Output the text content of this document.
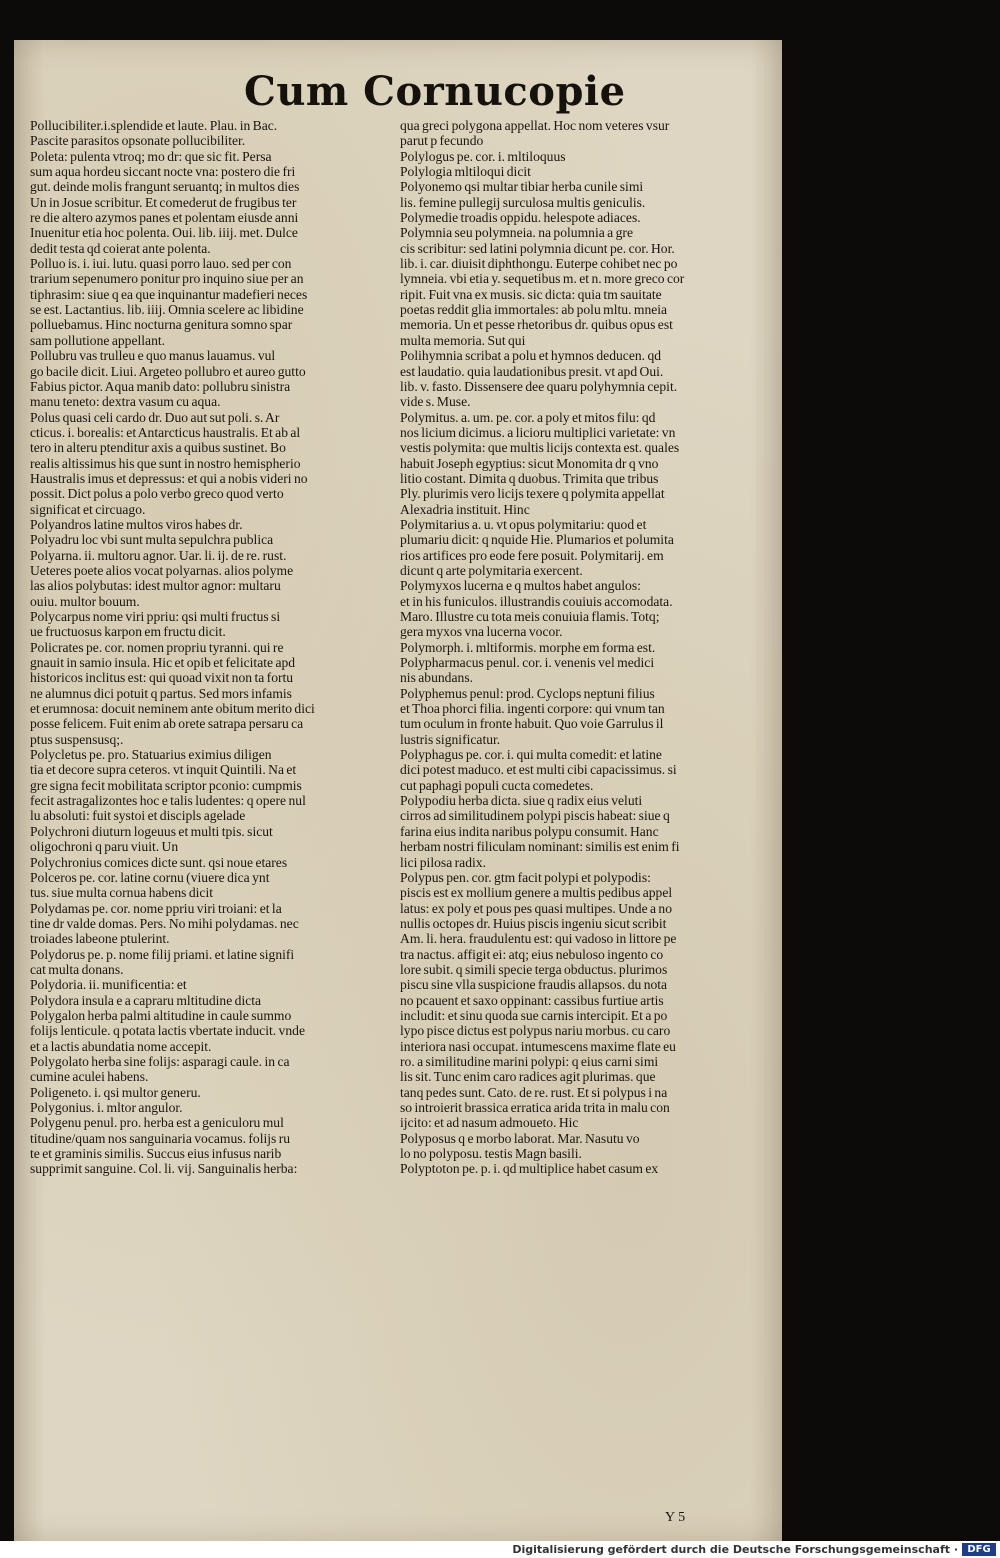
Cum Cornucopie

Pollucibiliter.i.splendide et laute. Plau. in Bac.

Pascite parasitos opsonate pollucibiliter.

Poleta: pulenta vtroq; mo dr: que sic fit. Persa

sum aqua hordeu siccant nocte vna: postero die fri

gut. deinde molis frangunt seruantq; in multos dies

Un in Josue scribitur. Et comederut de frugibus ter

re die altero azymos panes et polentam eiusde anni

Inuenitur etia hoc polenta. Oui. lib. iiij. met. Dulce

dedit testa qd coierat ante polenta.

Polluo is. i. iui. lutu. quasi porro lauo. sed per con

trarium sepenumero ponitur pro inquino siue per an

tiphrasim: siue q ea que inquinantur madefieri neces

se est. Lactantius. lib. iiij. Omnia scelere ac libidine

polluebamus. Hinc nocturna genitura somno spar

sam pollutione appellant.

Pollubru vas trulleu e quo manus lauamus. vul

go bacile dicit. Liui. Argeteo pollubro et aureo gutto

Fabius pictor. Aqua manib dato: pollubru sinistra

manu teneto: dextra vasum cu aqua.

Polus quasi celi cardo dr. Duo aut sut poli. s. Ar

cticus. i. borealis: et Antarcticus haustralis. Et ab al

tero in alteru ptenditur axis a quibus sustinet. Bo

realis altissimus his que sunt in nostro hemispherio

Haustralis imus et depressus: et qui a nobis videri no

possit. Dict polus a polo verbo greco quod verto

significat et circuago.

Polyandros latine multos viros habes dr.

Polyadru loc vbi sunt multa sepulchra publica

Polyarna. ii. multoru agnor. Uar. li. ij. de re. rust.

Ueteres poete alios vocat polyarnas. alios polyme

las alios polybutas: idest multor agnor: multaru

ouiu. multor bouum.

Polycarpus nome viri ppriu: qsi multi fructus si

ue fructuosus karpon em fructu dicit.

Policrates pe. cor. nomen propriu tyranni. qui re

gnauit in samio insula. Hic et opib et felicitate apd

historicos inclitus est: qui quoad vixit non ta fortu

ne alumnus dici potuit q partus. Sed mors infamis

et erumnosa: docuit neminem ante obitum merito dici

posse felicem. Fuit enim ab orete satrapa persaru ca

ptus suspensusq;.

Polycletus pe. pro. Statuarius eximius diligen

tia et decore supra ceteros. vt inquit Quintili. Na et

gre signa fecit mobilitata scriptor pconio: cumpmis

fecit astragalizontes hoc e talis ludentes: q opere nul

lu absoluti: fuit systoi et discipls agelade

Polychroni diuturn logeuus et multi tpis. sicut

oligochroni q paru viuit. Un

Polychronius comices dicte sunt. qsi noue etares

Polceros pe. cor. latine cornu (viuere dica ynt

tus. siue multa cornua habens dicit

Polydamas pe. cor. nome ppriu viri troiani: et la

tine dr valde domas. Pers. No mihi polydamas. nec

troiades labeone ptulerint.

Polydorus pe. p. nome filij priami. et latine signifi

cat multa donans.

Polydoria. ii. munificentia: et

Polydora insula e a capraru mltitudine dicta

Polygalon herba palmi altitudine in caule summo

folijs lenticule. q potata lactis vbertate inducit. vnde

et a lactis abundatia nome accepit.

Polygolato herba sine folijs: asparagi caule. in ca

cumine aculei habens.

Poligeneto. i. qsi multor generu.

Polygonius. i. mltor angulor.

Polygenu penul. pro. herba est a geniculoru mul

titudine/quam nos sanguinaria vocamus. folijs ru

te et graminis similis. Succus eius infusus narib

supprimit sanguine. Col. li. vij. Sanguinalis herba:

qua greci polygona appellat. Hoc nom veteres vsur

parut p fecundo

Polylogus pe. cor. i. mltiloquus

Polylogia mltiloqui dicit

Polyonemo qsi multar tibiar herba cunile simi

lis. femine pullegij surculosa multis geniculis.

Polymedie troadis oppidu. helespote adiaces.

Polymnia seu polymneia. na polumnia a gre

cis scribitur: sed latini polymnia dicunt pe. cor. Hor.

lib. i. car. diuisit diphthongu. Euterpe cohibet nec po

lymneia. vbi etia y. sequetibus m. et n. more greco cor

ripit. Fuit vna ex musis. sic dicta: quia tm sauitate

poetas reddit glia immortales: ab polu mltu. mneia

memoria. Un et pesse rhetoribus dr. quibus opus est

multa memoria. Sut qui

Polihymnia scribat a polu et hymnos deducen. qd

est laudatio. quia laudationibus presit. vt apd Oui.

lib. v. fasto. Dissensere dee quaru polyhymnia cepit.

vide s. Muse.

Polymitus. a. um. pe. cor. a poly et mitos filu: qd

nos licium dicimus. a licioru multiplici varietate: vn

vestis polymita: que multis licijs contexta est. quales

habuit Joseph egyptius: sicut Monomita dr q vno

litio costant. Dimita q duobus. Trimita que tribus

Ply. plurimis vero licijs texere q polymita appellat

Alexadria instituit. Hinc

Polymitarius a. u. vt opus polymitariu: quod et

plumariu dicit: q nquide Hie. Plumarios et polumita

rios artifices pro eode fere posuit. Polymitarij. em

dicunt q arte polymitaria exercent.

Polymyxos lucerna e q multos habet angulos:

et in his funiculos. illustrandis couiuis accomodata.

Maro. Illustre cu tota meis conuiuia flamis. Totq;

gera myxos vna lucerna vocor.

Polymorph. i. mltiformis. morphe em forma est.

Polypharmacus penul. cor. i. venenis vel medici

nis abundans.

Polyphemus penul: prod. Cyclops neptuni filius

et Thoa phorci filia. ingenti corpore: qui vnum tan

tum oculum in fronte habuit. Quo voie Garrulus il

lustris significatur.

Polyphagus pe. cor. i. qui multa comedit: et latine

dici potest maduco. et est multi cibi capacissimus. si

cut paphagi populi cucta comedetes.

Polypodiu herba dicta. siue q radix eius veluti

cirros ad similitudinem polypi piscis habeat: siue q

farina eius indita naribus polypu consumit. Hanc

herbam nostri filiculam nominant: similis est enim fi

lici pilosa radix.

Polypus pen. cor. gtm facit polypi et polypodis:

piscis est ex mollium genere a multis pedibus appel

latus: ex poly et pous pes quasi multipes. Unde a no

nullis octopes dr. Huius piscis ingeniu sicut scribit

Am. li. hera. fraudulentu est: qui vadoso in littore pe

tra nactus. affigit ei: atq; eius nebuloso ingento co

lore subit. q simili specie terga obductus. plurimos

piscu sine vlla suspicione fraudis allapsos. du nota

no pcauent et saxo oppinant: cassibus furtiue artis

includit: et sinu quoda sue carnis intercipit. Et a po

lypo pisce dictus est polypus nariu morbus. cu caro

interiora nasi occupat. intumescens maxime flate eu

ro. a similitudine marini polypi: q eius carni simi

lis sit. Tunc enim caro radices agit plurimas. que

tanq pedes sunt. Cato. de re. rust. Et si polypus i na

so introierit brassica erratica arida trita in malu con

ijcito: et ad nasum admoueto. Hic

Polyposus q e morbo laborat. Mar. Nasutu vo

lo no polyposu. testis Magn basili.

Polyptoton pe. p. i. qd multiplice habet casum ex

Y 5
Digitalisierung gefördert durch die Deutsche Forschungsgemeinschaft · DFG
